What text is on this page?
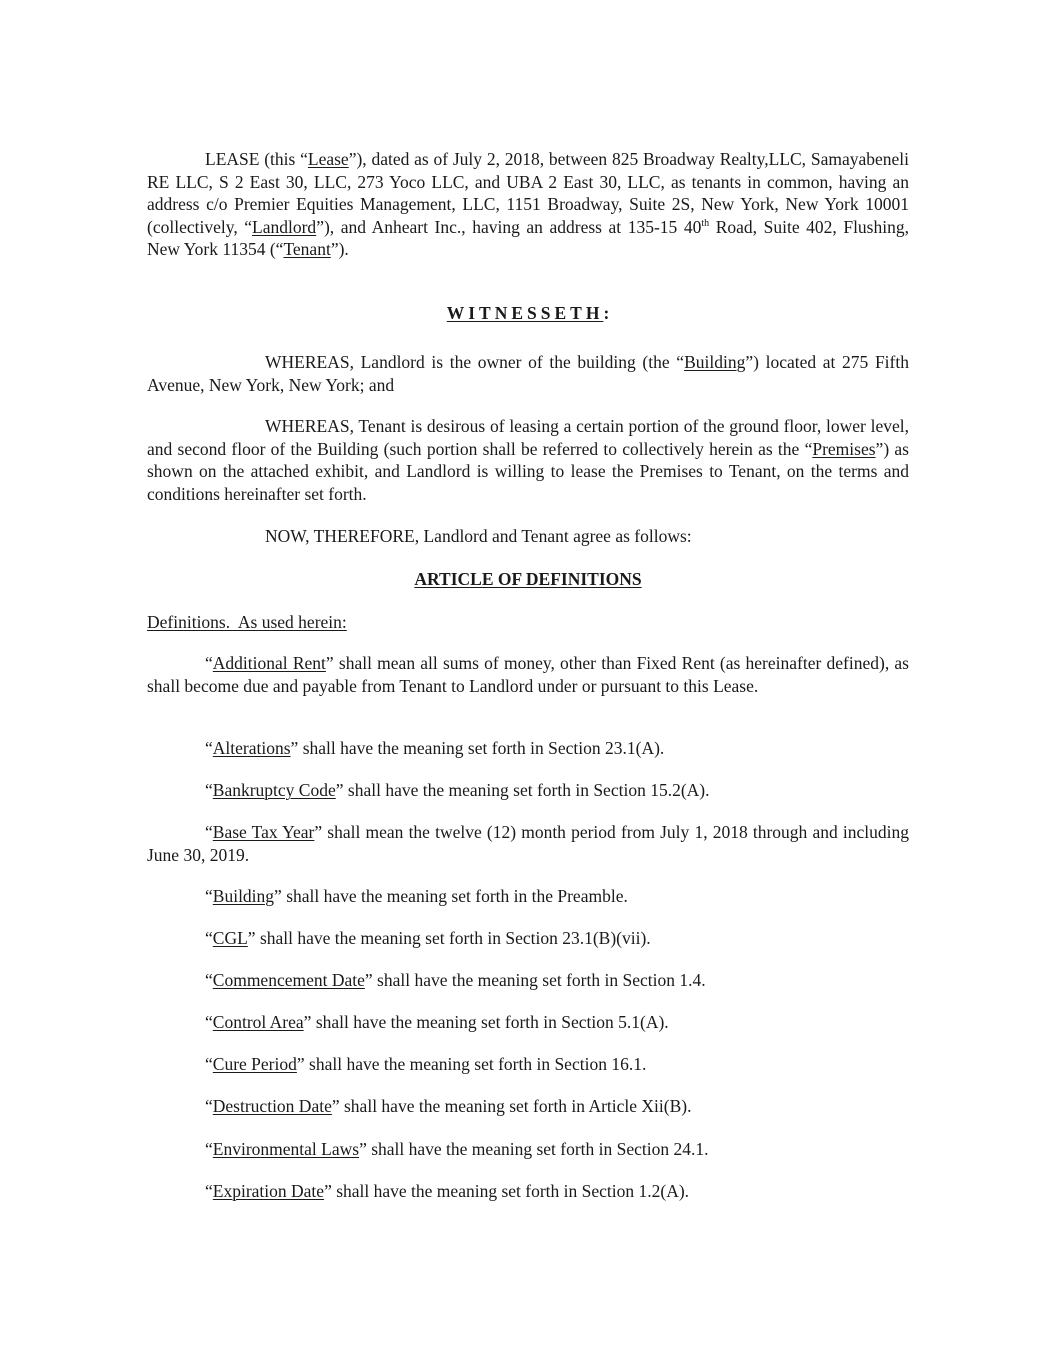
LEASE (this “Lease”), dated as of July 2, 2018, between 825 Broadway Realty,LLC, Samayabeneli RE LLC, S 2 East 30, LLC, 273 Yoco LLC, and UBA 2 East 30, LLC, as tenants in common, having an address c/o Premier Equities Management, LLC, 1151 Broadway, Suite 2S, New York, New York 10001 (collectively, “Landlord”), and Anheart Inc., having an address at 135-15 40th Road, Suite 402, Flushing, New York 11354 (“Tenant”).
WITNESSETH:
WHEREAS, Landlord is the owner of the building (the “Building”) located at 275 Fifth Avenue, New York, New York; and
WHEREAS, Tenant is desirous of leasing a certain portion of the ground floor, lower level, and second floor of the Building (such portion shall be referred to collectively herein as the “Premises”) as shown on the attached exhibit, and Landlord is willing to lease the Premises to Tenant, on the terms and conditions hereinafter set forth.
NOW, THEREFORE, Landlord and Tenant agree as follows:
ARTICLE OF DEFINITIONS
Definitions.  As used herein:
“Additional Rent” shall mean all sums of money, other than Fixed Rent (as hereinafter defined), as shall become due and payable from Tenant to Landlord under or pursuant to this Lease.
“Alterations” shall have the meaning set forth in Section 23.1(A).
“Bankruptcy Code” shall have the meaning set forth in Section 15.2(A).
“Base Tax Year” shall mean the twelve (12) month period from July 1, 2018 through and including June 30, 2019.
“Building” shall have the meaning set forth in the Preamble.
“CGL” shall have the meaning set forth in Section 23.1(B)(vii).
“Commencement Date” shall have the meaning set forth in Section 1.4.
“Control Area” shall have the meaning set forth in Section 5.1(A).
“Cure Period” shall have the meaning set forth in Section 16.1.
“Destruction Date” shall have the meaning set forth in Article Xii(B).
“Environmental Laws” shall have the meaning set forth in Section 24.1.
“Expiration Date” shall have the meaning set forth in Section 1.2(A).
